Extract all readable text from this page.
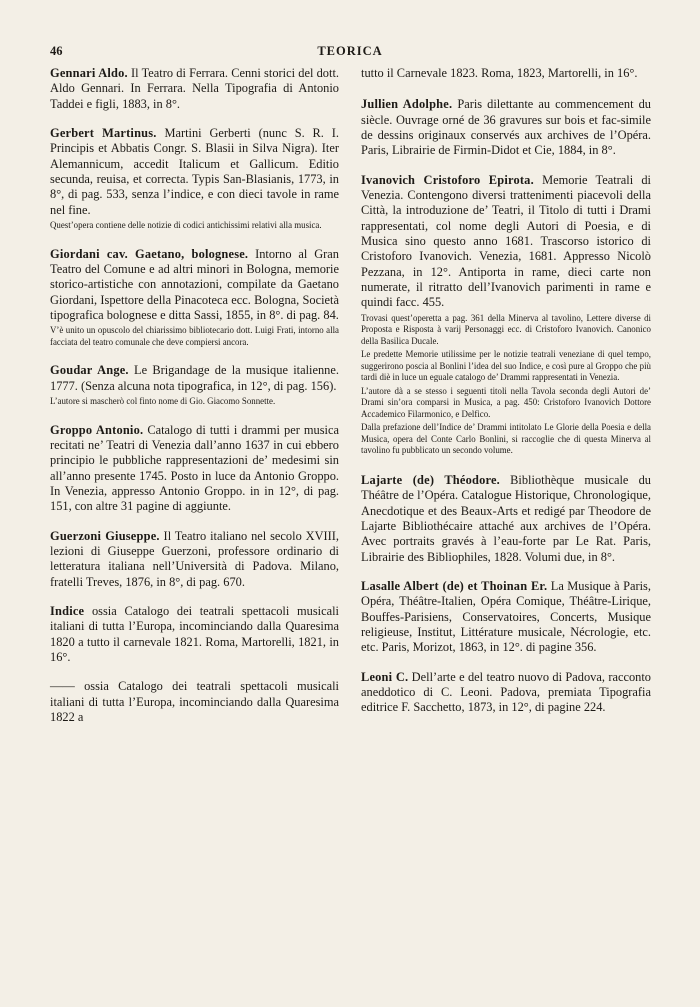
46	TEORICA

Gennari Aldo. Il Teatro di Ferrara. Cenni storici del dott. Aldo Gennari. In Ferrara. Nella Tipografia di Antonio Taddei e figli, 1883, in 8°.

Gerbert Martinus. Martini Gerberti (nunc S. R. I. Principis et Abbatis Congr. S. Blasii in Silva Nigra). Iter Alemannicum, accedit Italicum et Gallicum. Editio secunda, reuisa, et correcta. Typis San-Blasianis, 1773, in 8°, di pag. 533, senza l’indice, e con dieci tavole in rame nel fine.

Quest’opera contiene delle notizie di codici antichissimi relativi alla musica.

Giordani cav. Gaetano, bolognese. Intorno al Gran Teatro del Comune e ad altri minori in Bologna, memorie storico-artistiche con annotazioni, compilate da Gaetano Giordani, Ispettore della Pinacoteca ecc. Bologna, Società tipografica bolognese e ditta Sassi, 1855, in 8°. di pag. 84.

V’è unito un opuscolo del chiarissimo bibliotecario dott. Luigi Frati, intorno alla facciata del teatro comunale che deve compiersi ancora.

Goudar Ange. Le Brigandage de la musique italienne. 1777. (Senza alcuna nota tipografica, in 12°, di pag. 156).

L’autore si mascherò col finto nome di Gio. Giacomo Sonnette.

Groppo Antonio. Catalogo di tutti i drammi per musica recitati ne’ Teatri di Venezia dall’anno 1637 in cui ebbero principio le pubbliche rappresentazioni de’ medesimi sin all’anno presente 1745. Posto in luce da Antonio Groppo. In Venezia, appresso Antonio Groppo. in in 12°, di pag. 151, con altre 31 pagine di aggiunte.

Guerzoni Giuseppe. Il Teatro italiano nel secolo XVIII, lezioni di Giuseppe Guerzoni, professore ordinario di letteratura italiana nell’Università di Padova. Milano, fratelli Treves, 1876, in 8°, di pag. 670.

Indice ossia Catalogo dei teatrali spettacoli musicali italiani di tutta l’Europa, incominciando dalla Quaresima 1820 a tutto il carnevale 1821. Roma, Martorelli, 1821, in 16°.

—— ossia Catalogo dei teatrali spettacoli musicali italiani di tutta l’Europa, incominciando dalla Quaresima 1822 a

tutto il Carnevale 1823. Roma, 1823, Martorelli, in 16°.

Jullien Adolphe. Paris dilettante au commencement du siècle. Ouvrage orné de 36 gravures sur bois et fac-simile de dessins originaux conservés aux archives de l’Opéra. Paris, Librairie de Firmin-Didot et Cie, 1884, in 8°.

Ivanovich Cristoforo Epirota. Memorie Teatrali di Venezia. Contengono diversi trattenimenti piacevoli della Città, la introduzione de’ Teatri, il Titolo di tutti i Drami rappresentati, col nome degli Autori di Poesia, e di Musica sino questo anno 1681. Trascorso istorico di Cristoforo Ivanovich. Venezia, 1681. Appresso Nicolò Pezzana, in 12°. Antiporta in rame, dieci carte non numerate, il ritratto dell’Ivanovich parimenti in rame e quindi facc. 455.

Trovasi quest’operetta a pag. 361 della Minerva al tavolino, Lettere diverse di Proposta e Risposta à varij Personaggi ecc. di Cristoforo Ivanovich. Canonico della Basilica Ducale.

Le predette Memorie utilissime per le notizie teatrali veneziane di quel tempo, suggerirono poscia al Bonlini l’idea del suo Indice, e così pure al Groppo che più tardi diè in luce un eguale catalogo de’ Drammi rappresentati in Venezia.

L’autore dà a se stesso i seguenti titoli nella Tavola seconda degli Autori de’ Drami sin’ora comparsi in Musica, a pag. 450: Cristoforo Ivanovich Dottore Accademico Filarmonico, e Delfico.

Dalla prefazione dell’Indice de’ Drammi intitolato Le Glorie della Poesia e della Musica, opera del Conte Carlo Bonlini, si raccoglie che di questa Minerva al tavolino fu pubblicato un secondo volume.

Lajarte (de) Théodore. Bibliothèque musicale du Théâtre de l’Opéra. Catalogue Historique, Chronologique, Anecdotique et des Beaux-Arts et redigé par Theodore de Lajarte Bibliothécaire attaché aux archives de l’Opéra. Avec portraits gravés à l’eau-forte par Le Rat. Paris, Librairie des Bibliophiles, 1828. Volumi due, in 8°.

Lasalle Albert (de) et Thoinan Er. La Musique à Paris, Opéra, Théâtre-Italien, Opéra Comique, Théâtre-Lirique, Bouffes-Parisiens, Conservatoires, Concerts, Musique religieuse, Institut, Littérature musicale, Nécrologie, etc. etc. Paris, Morizot, 1863, in 12°. di pagine 356.

Leoni C. Dell’arte e del teatro nuovo di Padova, racconto aneddotico di C. Leoni. Padova, premiata Tipografia editrice F. Sacchetto, 1873, in 12°, di pagine 224.
